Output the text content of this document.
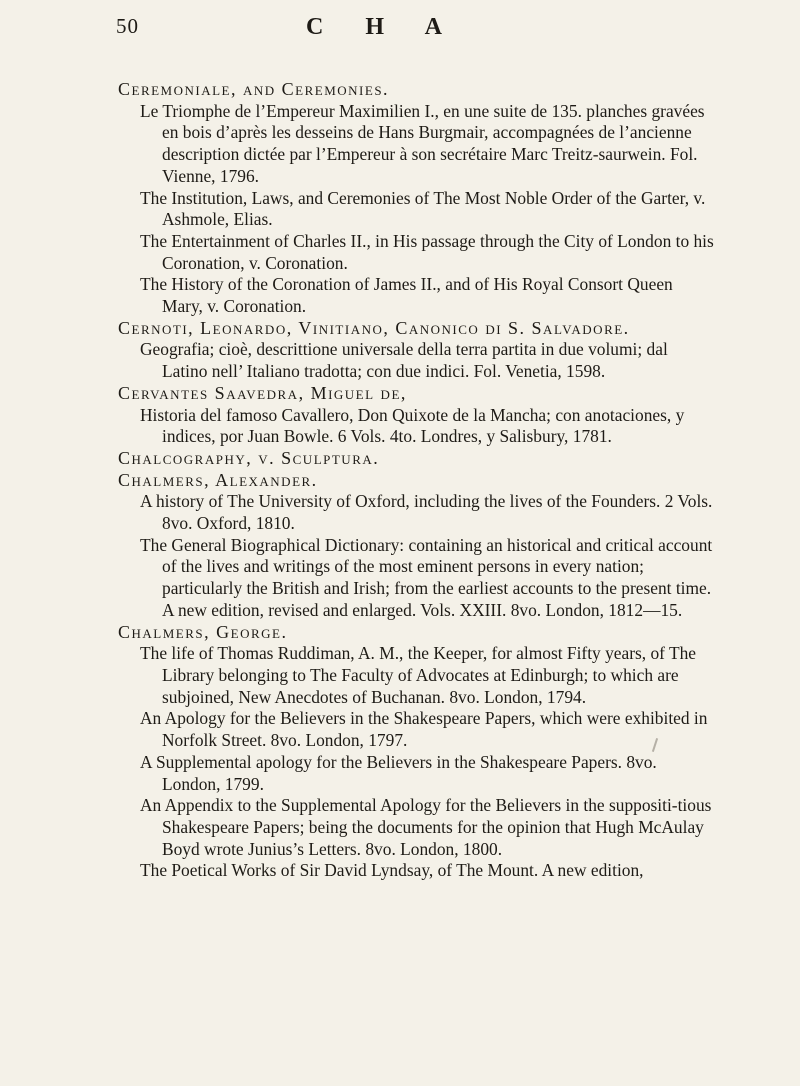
50	C H A

Ceremoniale, and Ceremonies.

Le Triomphe de l’Empereur Maximilien I., en une suite de 135. planches gravées en bois d’après les desseins de Hans Burgmair, accompagnées de l’ancienne description dictée par l’Empereur à son secrétaire Marc Treitz-saurwein. Fol. Vienne, 1796.

The Institution, Laws, and Ceremonies of The Most Noble Order of the Garter, v. Ashmole, Elias.

The Entertainment of Charles II., in His passage through the City of London to his Coronation, v. Coronation.

The History of the Coronation of James II., and of His Royal Consort Queen Mary, v. Coronation.

Cernoti, Leonardo, Vinitiano, Canonico di S. Salvadore.

Geografia; cioè, descrittione universale della terra partita in due volumi; dal Latino nell’ Italiano tradotta; con due indici. Fol. Venetia, 1598.

Cervantes Saavedra, Miguel de,

Historia del famoso Cavallero, Don Quixote de la Mancha; con anotaciones, y indices, por Juan Bowle. 6 Vols. 4to. Londres, y Salisbury, 1781.

Chalcography, v. Sculptura.

Chalmers, Alexander.

A history of The University of Oxford, including the lives of the Founders. 2 Vols. 8vo. Oxford, 1810.

The General Biographical Dictionary: containing an historical and critical account of the lives and writings of the most eminent persons in every nation; particularly the British and Irish; from the earliest accounts to the present time. A new edition, revised and enlarged. Vols. XXIII. 8vo. London, 1812—15.

Chalmers, George.

The life of Thomas Ruddiman, A. M., the Keeper, for almost Fifty years, of The Library belonging to The Faculty of Advocates at Edinburgh; to which are subjoined, New Anecdotes of Buchanan. 8vo. London, 1794.

An Apology for the Believers in the Shakespeare Papers, which were exhibited in Norfolk Street. 8vo. London, 1797.

A Supplemental apology for the Believers in the Shakespeare Papers. 8vo. London, 1799.

An Appendix to the Supplemental Apology for the Believers in the suppositi-tious Shakespeare Papers; being the documents for the opinion that Hugh McAulay Boyd wrote Junius’s Letters. 8vo. London, 1800.

The Poetical Works of Sir David Lyndsay, of The Mount. A new edition,
